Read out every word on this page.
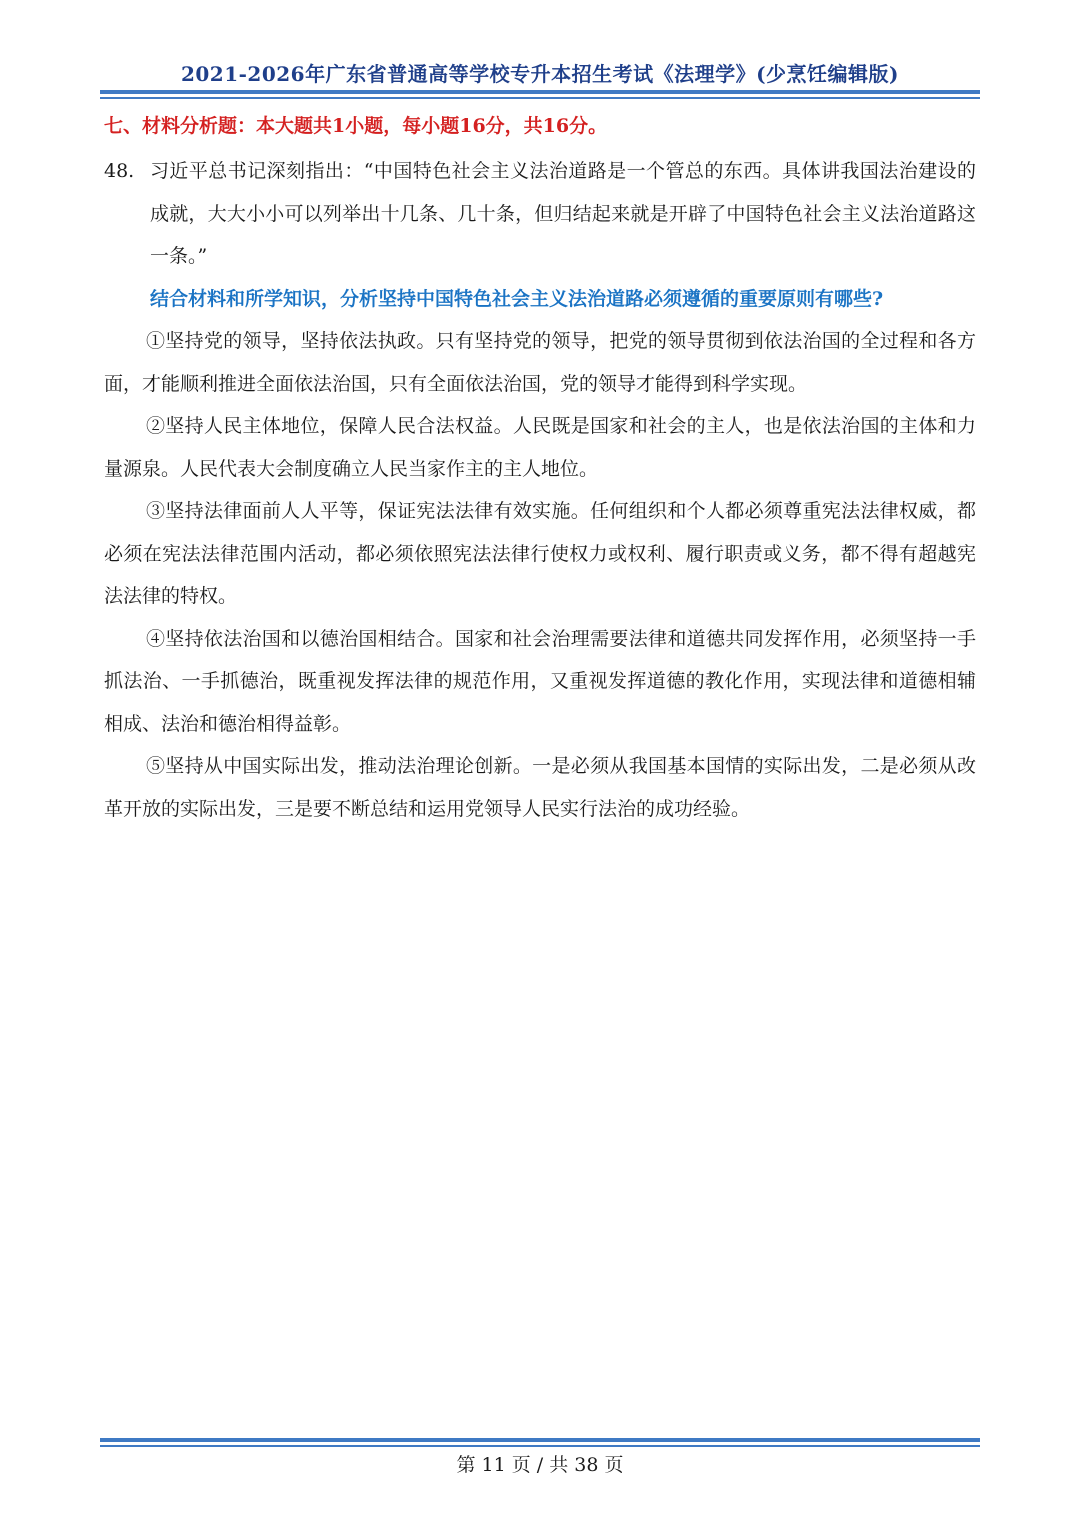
2021-2026年广东省普通高等学校专升本招生考试《法理学》(少烹饪编辑版)
七、材料分析题：本大题共1小题，每小题16分，共16分。
48. 习近平总书记深刻指出：“中国特色社会主义法治道路是一个管总的东西。具体讲我国法治建设的成就，大大小小可以列举出十几条、几十条，但归结起来就是开辟了中国特色社会主义法治道路这一条。”
结合材料和所学知识，分析坚持中国特色社会主义法治道路必须遵循的重要原则有哪些?

①坚持党的领导，坚持依法执政。只有坚持党的领导，把党的领导贯彻到依法治国的全过程和各方面，才能顺利推进全面依法治国，只有全面依法治国，党的领导才能得到科学实现。

②坚持人民主体地位，保障人民合法权益。人民既是国家和社会的主人，也是依法治国的主体和力量源泉。人民代表大会制度确立人民当家作主的主人地位。

③坚持法律面前人人平等，保证宪法法律有效实施。任何组织和个人都必须尊重宪法法律权威，都必须在宪法法律范围内活动，都必须依照宪法法律行使权力或权利、履行职责或义务，都不得有超越宪法法律的特权。

④坚持依法治国和以德治国相结合。国家和社会治理需要法律和道德共同发挥作用，必须坚持一手抓法治、一手抓德治，既重视发挥法律的规范作用，又重视发挥道德的教化作用，实现法律和道德相辅相成、法治和德治相得益彰。

⑤坚持从中国实际出发，推动法治理论创新。一是必须从我国基本国情的实际出发，二是必须从改革开放的实际出发，三是要不断总结和运用党领导人民实行法治的成功经验。

第 11 页 / 共 38 页
